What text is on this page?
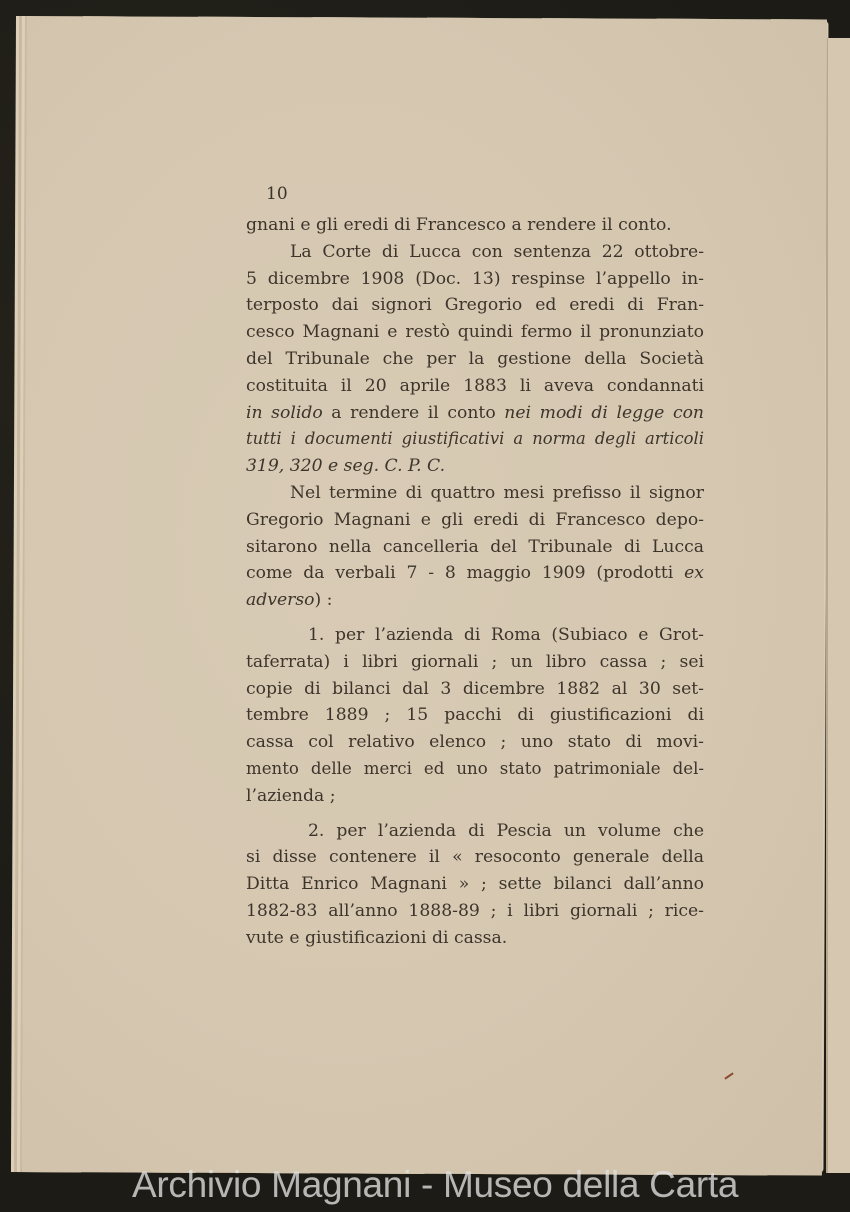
10
gnani e gli eredi di Francesco a rendere il conto.
La Corte di Lucca con sentenza 22 ottobre-
5 dicembre 1908 (Doc. 13) respinse l’appello in-
terposto dai signori Gregorio ed eredi di Fran-
cesco Magnani e restò quindi fermo il pronunziato
del Tribunale che per la gestione della Società
costituita il 20 aprile 1883 li aveva condannati
in solido a rendere il conto nei modi di legge con
tutti i documenti giustificativi a norma degli articoli
319, 320 e seg. C. P. C.
Nel termine di quattro mesi prefisso il signor
Gregorio Magnani e gli eredi di Francesco depo-
sitarono nella cancelleria del Tribunale di Lucca
come da verbali 7 - 8 maggio 1909 (prodotti ex
adverso) :
1. per l’azienda di Roma (Subiaco e Grot-
taferrata) i libri giornali ; un libro cassa ; sei
copie di bilanci dal 3 dicembre 1882 al 30 set-
tembre 1889 ; 15 pacchi di giustificazioni di
cassa col relativo elenco ; uno stato di movi-
mento delle merci ed uno stato patrimoniale del-
l’azienda ;
2. per l’azienda di Pescia un volume che
si disse contenere il « resoconto generale della
Ditta Enrico Magnani » ; sette bilanci dall’anno
1882-83 all’anno 1888-89 ; i libri giornali ; rice-
vute e giustificazioni di cassa.
Archivio Magnani - Museo della Carta
